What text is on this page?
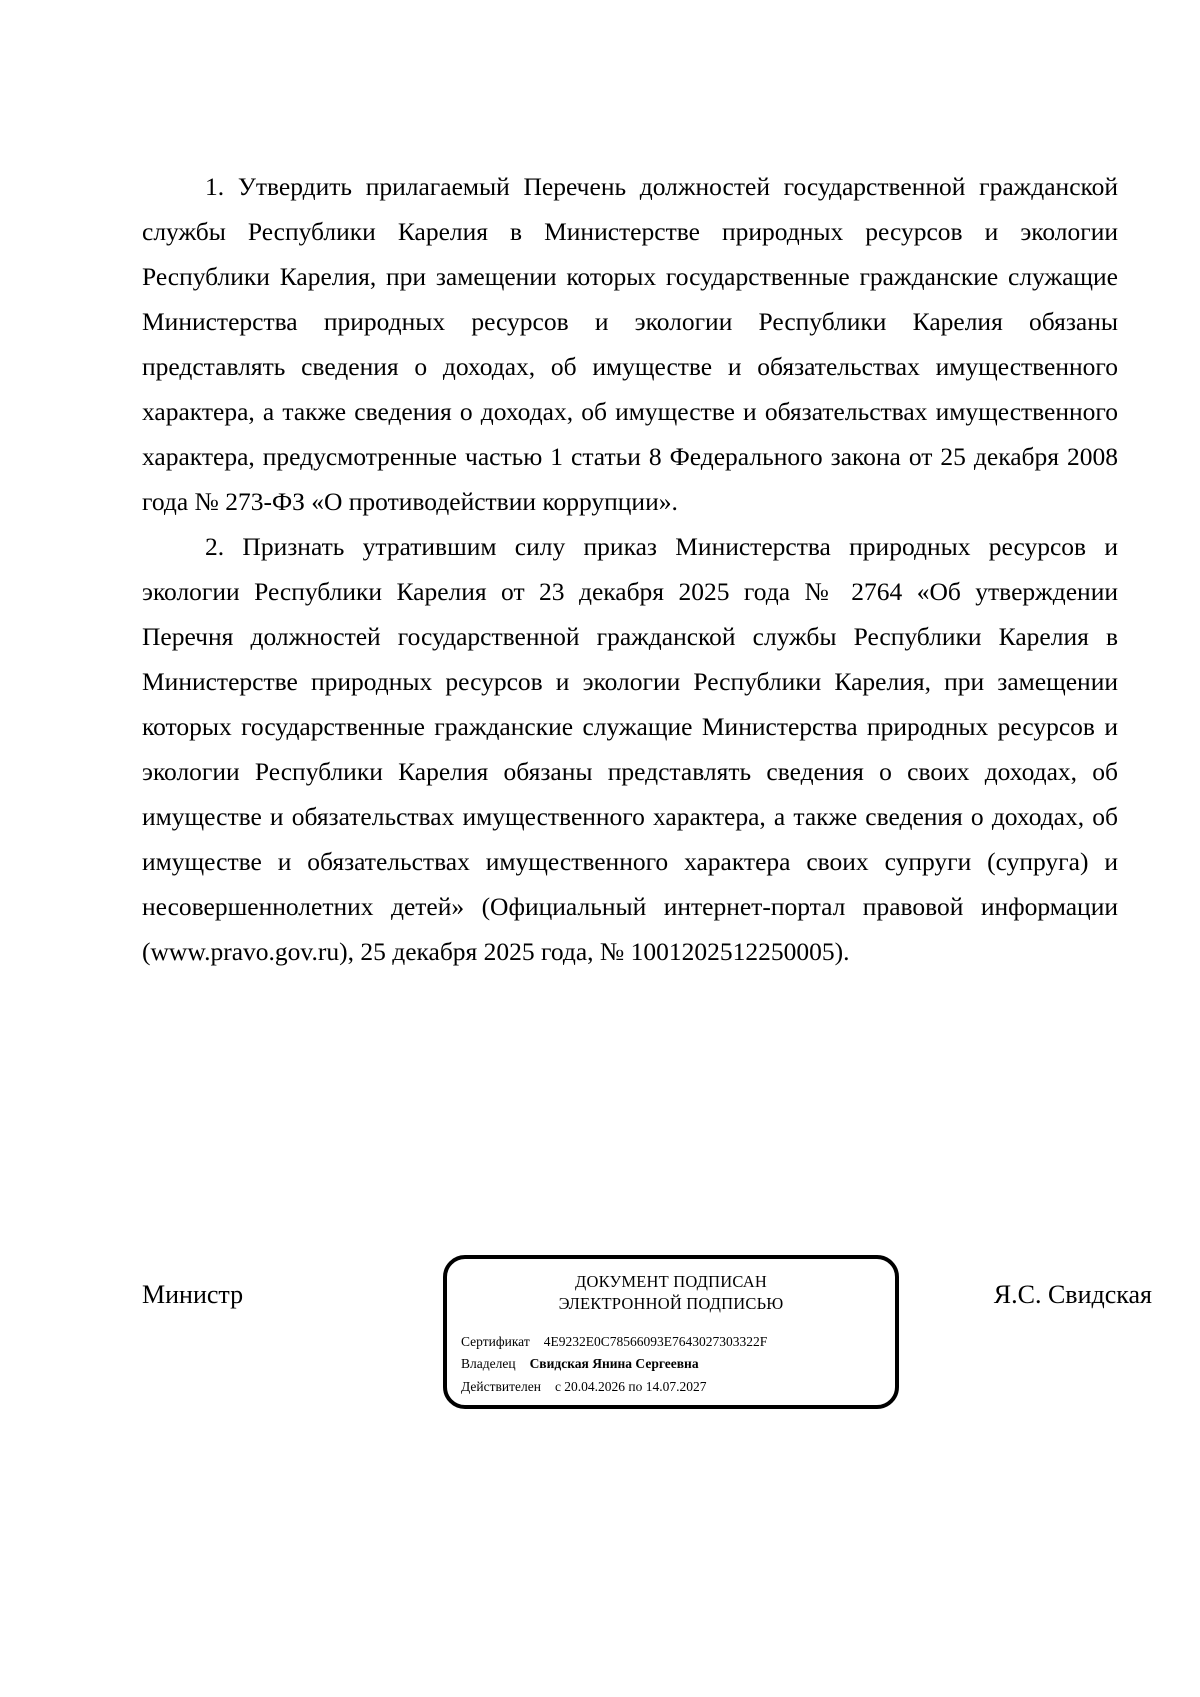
1. Утвердить прилагаемый Перечень должностей государственной гражданской службы Республики Карелия в Министерстве природных ресурсов и экологии Республики Карелия, при замещении которых государственные гражданские служащие Министерства природных ресурсов и экологии Республики Карелия обязаны представлять сведения о доходах, об имуществе и обязательствах имущественного характера, а также сведения о доходах, об имуществе и обязательствах имущественного характера, предусмотренные частью 1 статьи 8 Федерального закона от 25 декабря 2008 года № 273-ФЗ «О противодействии коррупции».

2. Признать утратившим силу приказ Министерства природных ресурсов и экологии Республики Карелия от 23 декабря 2025 года № 2764 «Об утверждении Перечня должностей государственной гражданской службы Республики Карелия в Министерстве природных ресурсов и экологии Республики Карелия, при замещении которых государственные гражданские служащие Министерства природных ресурсов и экологии Республики Карелия обязаны представлять сведения о своих доходах, об имуществе и обязательствах имущественного характера, а также сведения о доходах, об имуществе и обязательствах имущественного характера своих супруги (супруга) и несовершеннолетних детей» (Официальный интернет-портал правовой информации (www.pravo.gov.ru), 25 декабря 2025 года, № 1001202512250005).

Министр	ДОКУМЕНТ ПОДПИСАН
ЭЛЕКТРОННОЙ ПОДПИСЬЮ
Сертификат 4E9232E0C78566093E7643027303322F
Владелец Свидская Янина Сергеевна
Действителен с 20.04.2026 по 14.07.2027
Я.С. Свидская
